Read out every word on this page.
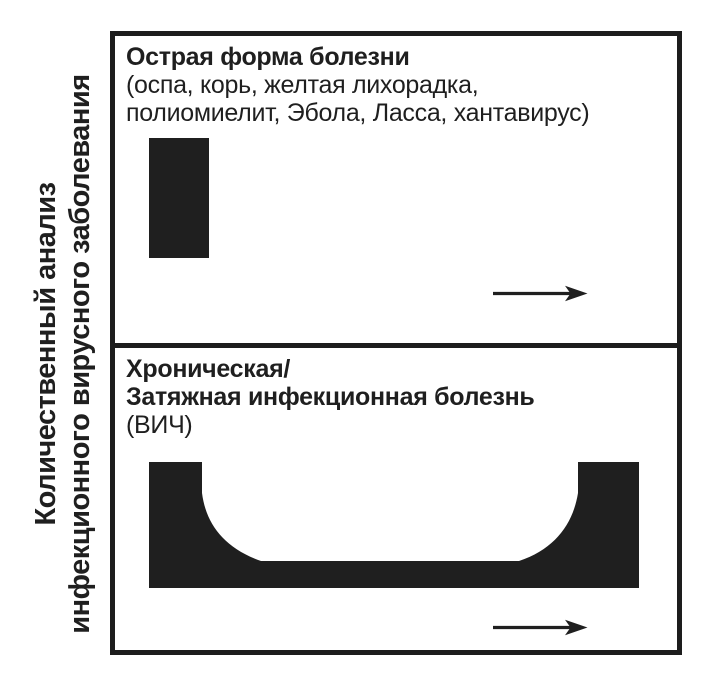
Количественный анализ инфекционного вирусного заболевания
Острая форма болезни
(оспа, корь, желтая лихорадка,
полиомиелит, Эбола, Ласса, хантавирус)
Хроническая/
Затяжная инфекционная болезнь
(ВИЧ)
